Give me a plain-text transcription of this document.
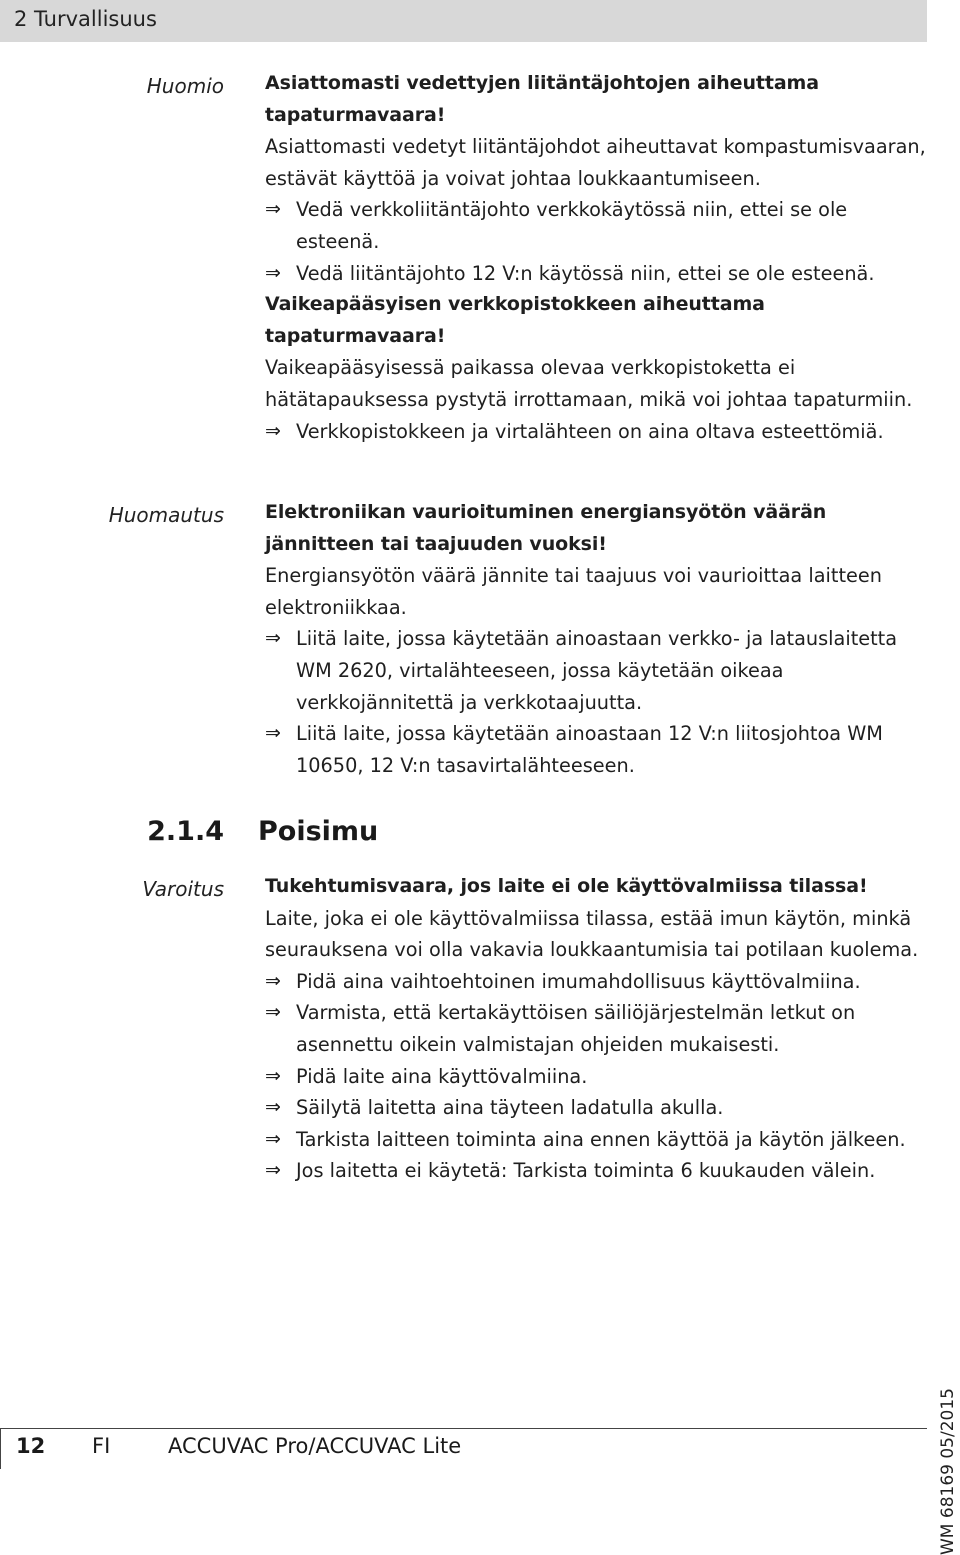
2 Turvallisuus
Huomio Asiattomasti vedettyjen liitäntäjohtojen aiheuttama tapaturmavaara!

Asiattomasti vedetyt liitäntäjohdot aiheuttavat kompastumisvaaran, estävät käyttöä ja voivat johtaa loukkaantumiseen.

⇒ Vedä verkkoliitäntäjohto verkkokäytössä niin, ettei se ole esteenä.
⇒ Vedä liitäntäjohto 12 V:n käytössä niin, ettei se ole esteenä.

Vaikeapääsyisen verkkopistokkeen aiheuttama tapaturmavaara!

Vaikeapääsyisessä paikassa olevaa verkkopistoketta ei hätätapauksessa pystytä irrottamaan, mikä voi johtaa tapaturmiin.

⇒ Verkkopistokkeen ja virtalähteen on aina oltava esteettömiä.
Huomautus Elektroniikan vaurioituminen energiansyötön väärän jännitteen tai taajuuden vuoksi!

Energiansyötön väärä jännite tai taajuus voi vaurioittaa laitteen elektroniikkaa.

⇒ Liitä laite, jossa käytetään ainoastaan verkko- ja latauslaitetta WM 2620, virtalähteeseen, jossa käytetään oikeaa verkkojännitettä ja verkkotaajuutta.
⇒ Liitä laite, jossa käytetään ainoastaan 12 V:n liitosjohtoa WM 10650, 12 V:n tasavirtalähteeseen.
2.1.4 Poisimu
Varoitus Tukehtumisvaara, jos laite ei ole käyttövalmiissa tilassa!

Laite, joka ei ole käyttövalmiissa tilassa, estää imun käytön, minkä seurauksena voi olla vakavia loukkaantumisia tai potilaan kuolema.

⇒ Pidä aina vaihtoehtoinen imumahdollisuus käyttövalmiina.
⇒ Varmista, että kertakäyttöisen säiliöjärjestelmän letkut on asennettu oikein valmistajan ohjeiden mukaisesti.
⇒ Pidä laite aina käyttövalmiina.
⇒ Säilytä laitetta aina täyteen ladatulla akulla.
⇒ Tarkista laitteen toiminta aina ennen käyttöä ja käytön jälkeen.
⇒ Jos laitetta ei käytetä: Tarkista toiminta 6 kuukauden välein.
WM 68169 05/2015
12 FI	ACCUVAC Pro/ACCUVAC Lite
